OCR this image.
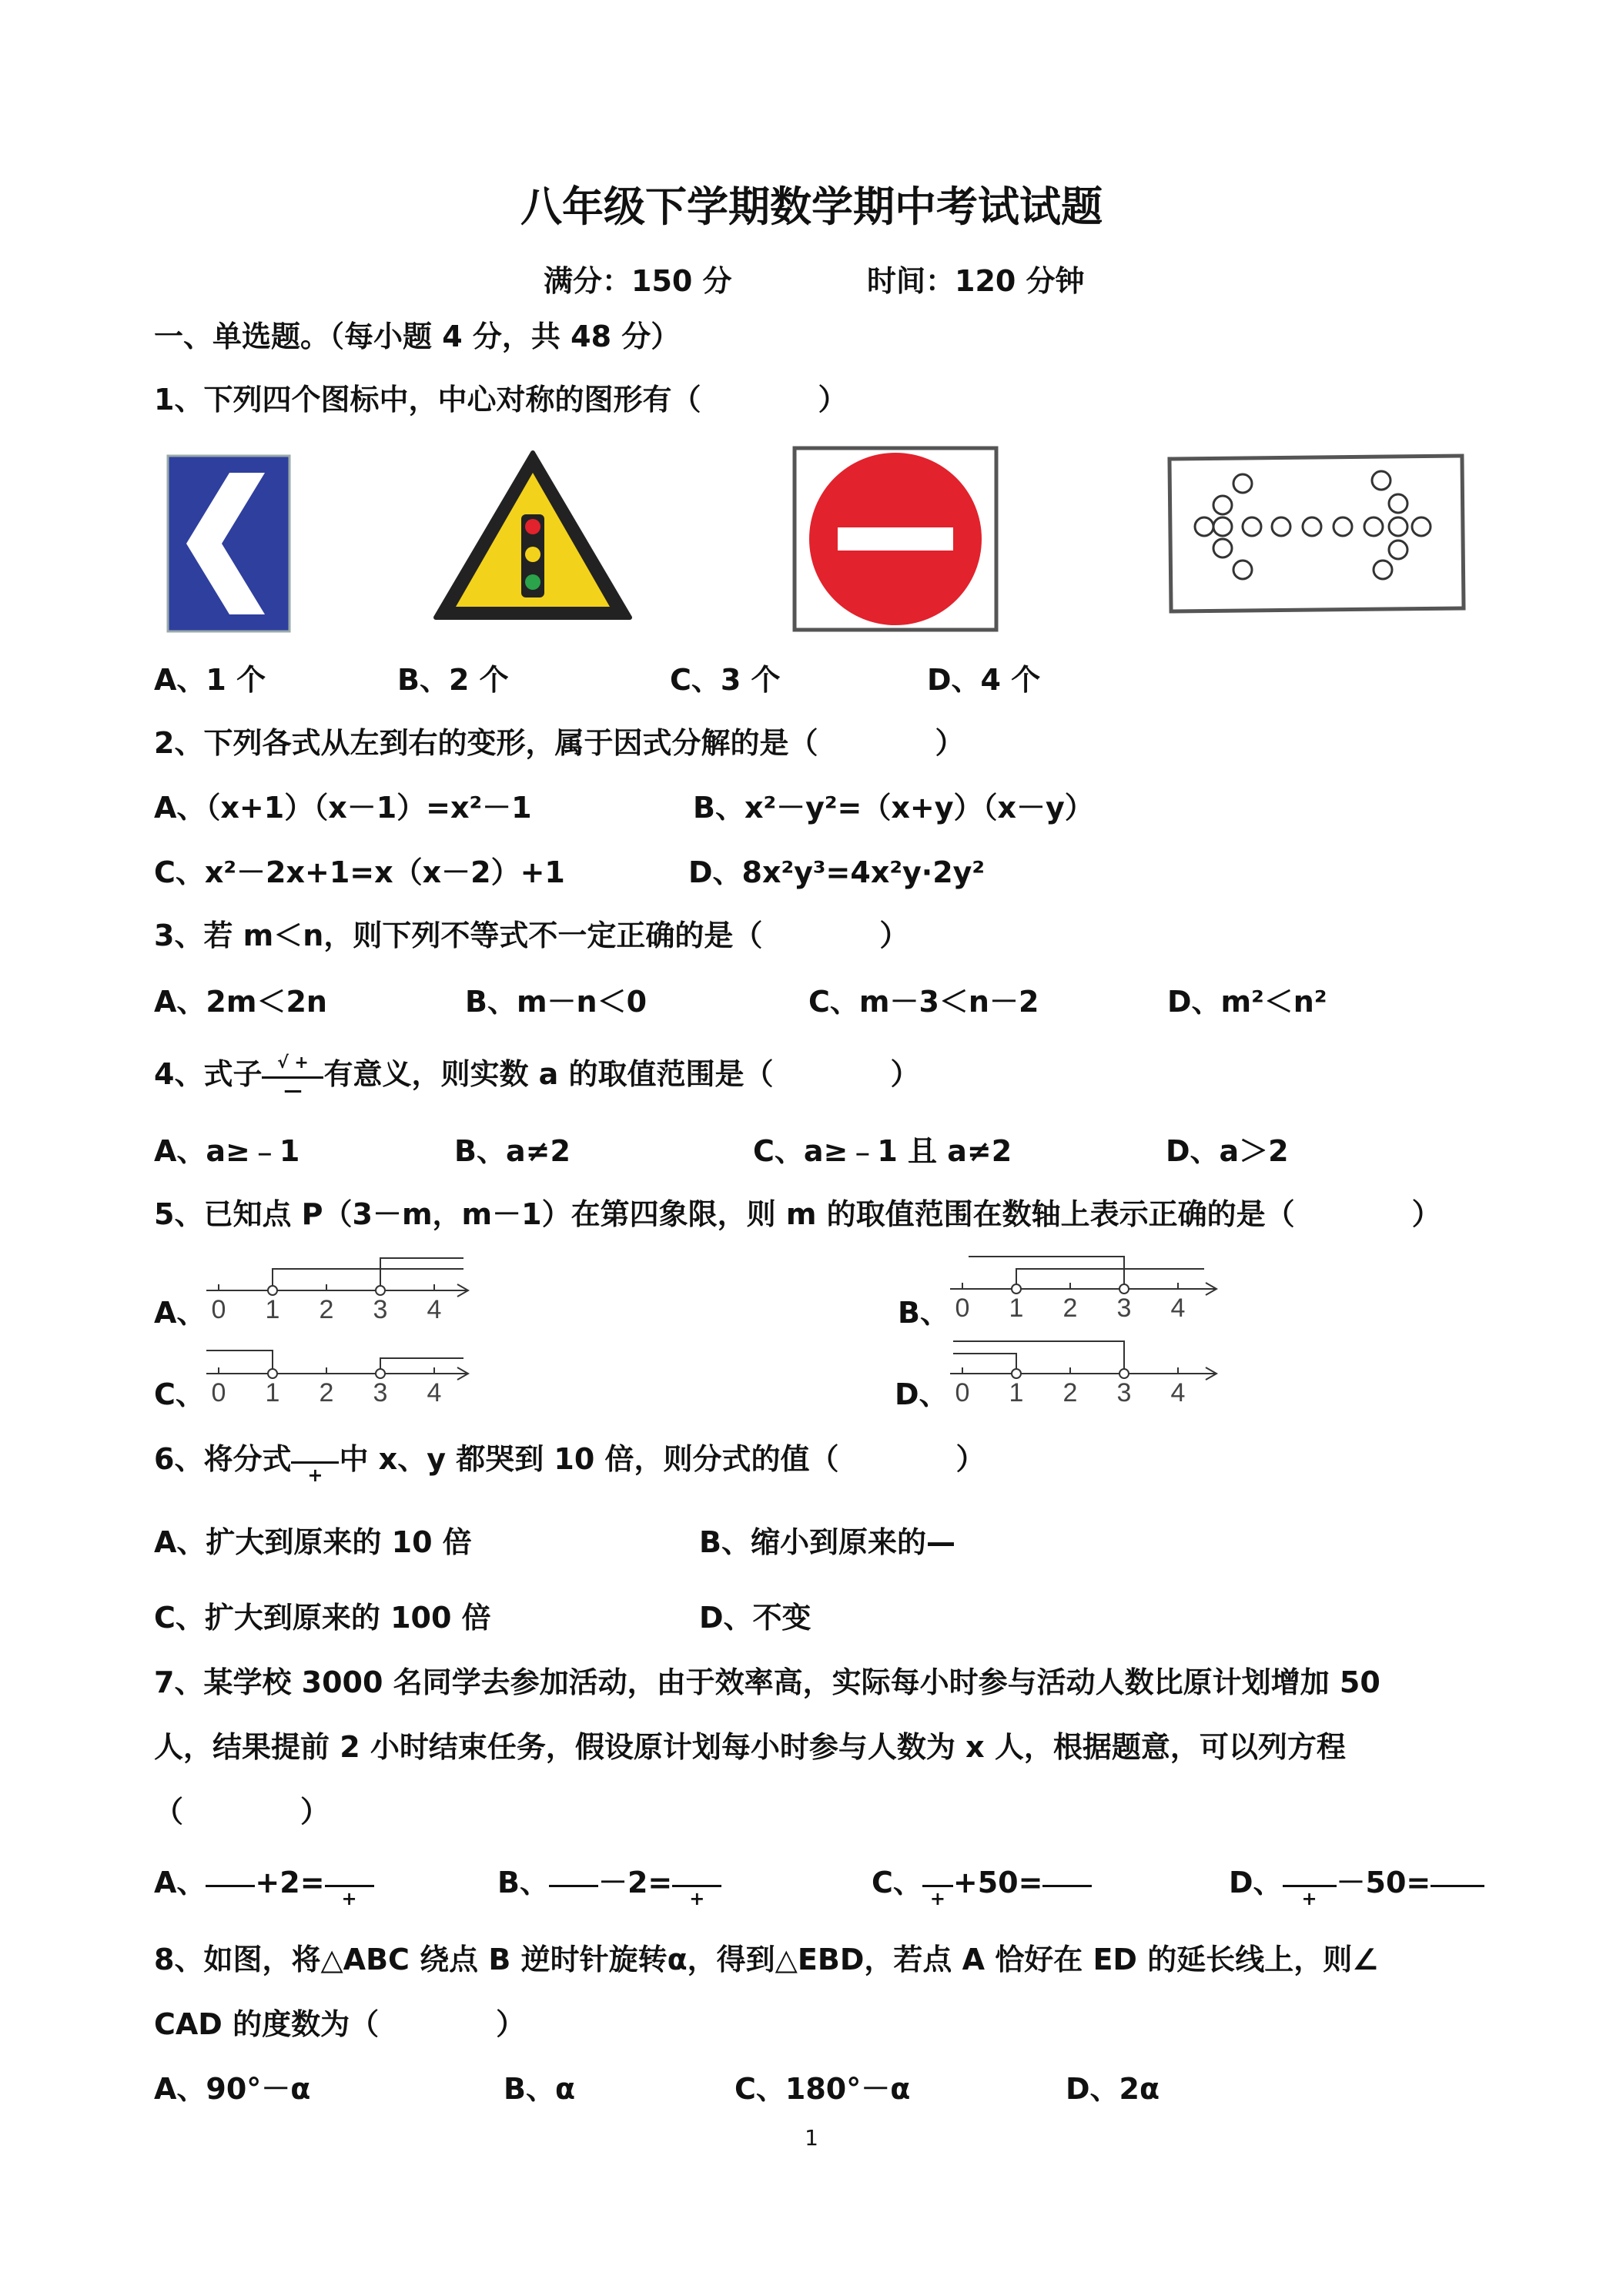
八年级下学期数学期中考试试题
满分：150 分	时间：120 分钟
一、单选题。（每小题 4 分，共 48 分）
1、下列四个图标中，中心对称的图形有（　　　　）
A、1 个	B、2 个	C、3 个	D、4 个
2、下列各式从左到右的变形，属于因式分解的是（　　　　）
A、（x+1）（x－1）=x²－1	B、x²－y²=（x+y）（x－y）
C、x²－2x+1=x（x－2）+1	D、8x²y³=4x²y·2y²
3、若 m＜n，则下列不等式不一定正确的是（　　　　）
A、2m＜2n	B、m－n＜0	C、m－3＜n－2	D、m²＜n²
4、式子 $\frac{√ +}{—}$ 有意义，则实数 a 的取值范围是（　　　　）
A、a≥﹣1	B、a≠2	C、a≥﹣1 且 a≠2	D、a＞2
5、已知点 P（3－m，m－1）在第四象限，则 m 的取值范围在数轴上表示正确的是（　　　　）
A、 0 1 2 3 4	B、 0 1 2 3 4
C、 0 1 2 3 4	D、 0 1 2 3 4
6、将分式 + 中 x、y 都哭到 10 倍，则分式的值（　　　　）
A、扩大到原来的 10 倍	B、缩小到原来的—
C、扩大到原来的 100 倍	D、不变
7、某学校 3000 名同学去参加活动，由于效率高，实际每小时参与活动人数比原计划增加 50
人，结果提前 2 小时结束任务，假设原计划每小时参与人数为 x 人，根据题意，可以列方程
（　　　　）
A、 +2= +	B、 －2= +	C、 + +50=	D、	+ －50=
8、如图，将△ABC 绕点 B 逆时针旋转α，得到△EBD，若点 A 恰好在 ED 的延长线上，则∠
CAD 的度数为（　　　　）
A、90°－α	B、α	C、180°－α	D、2α
1
